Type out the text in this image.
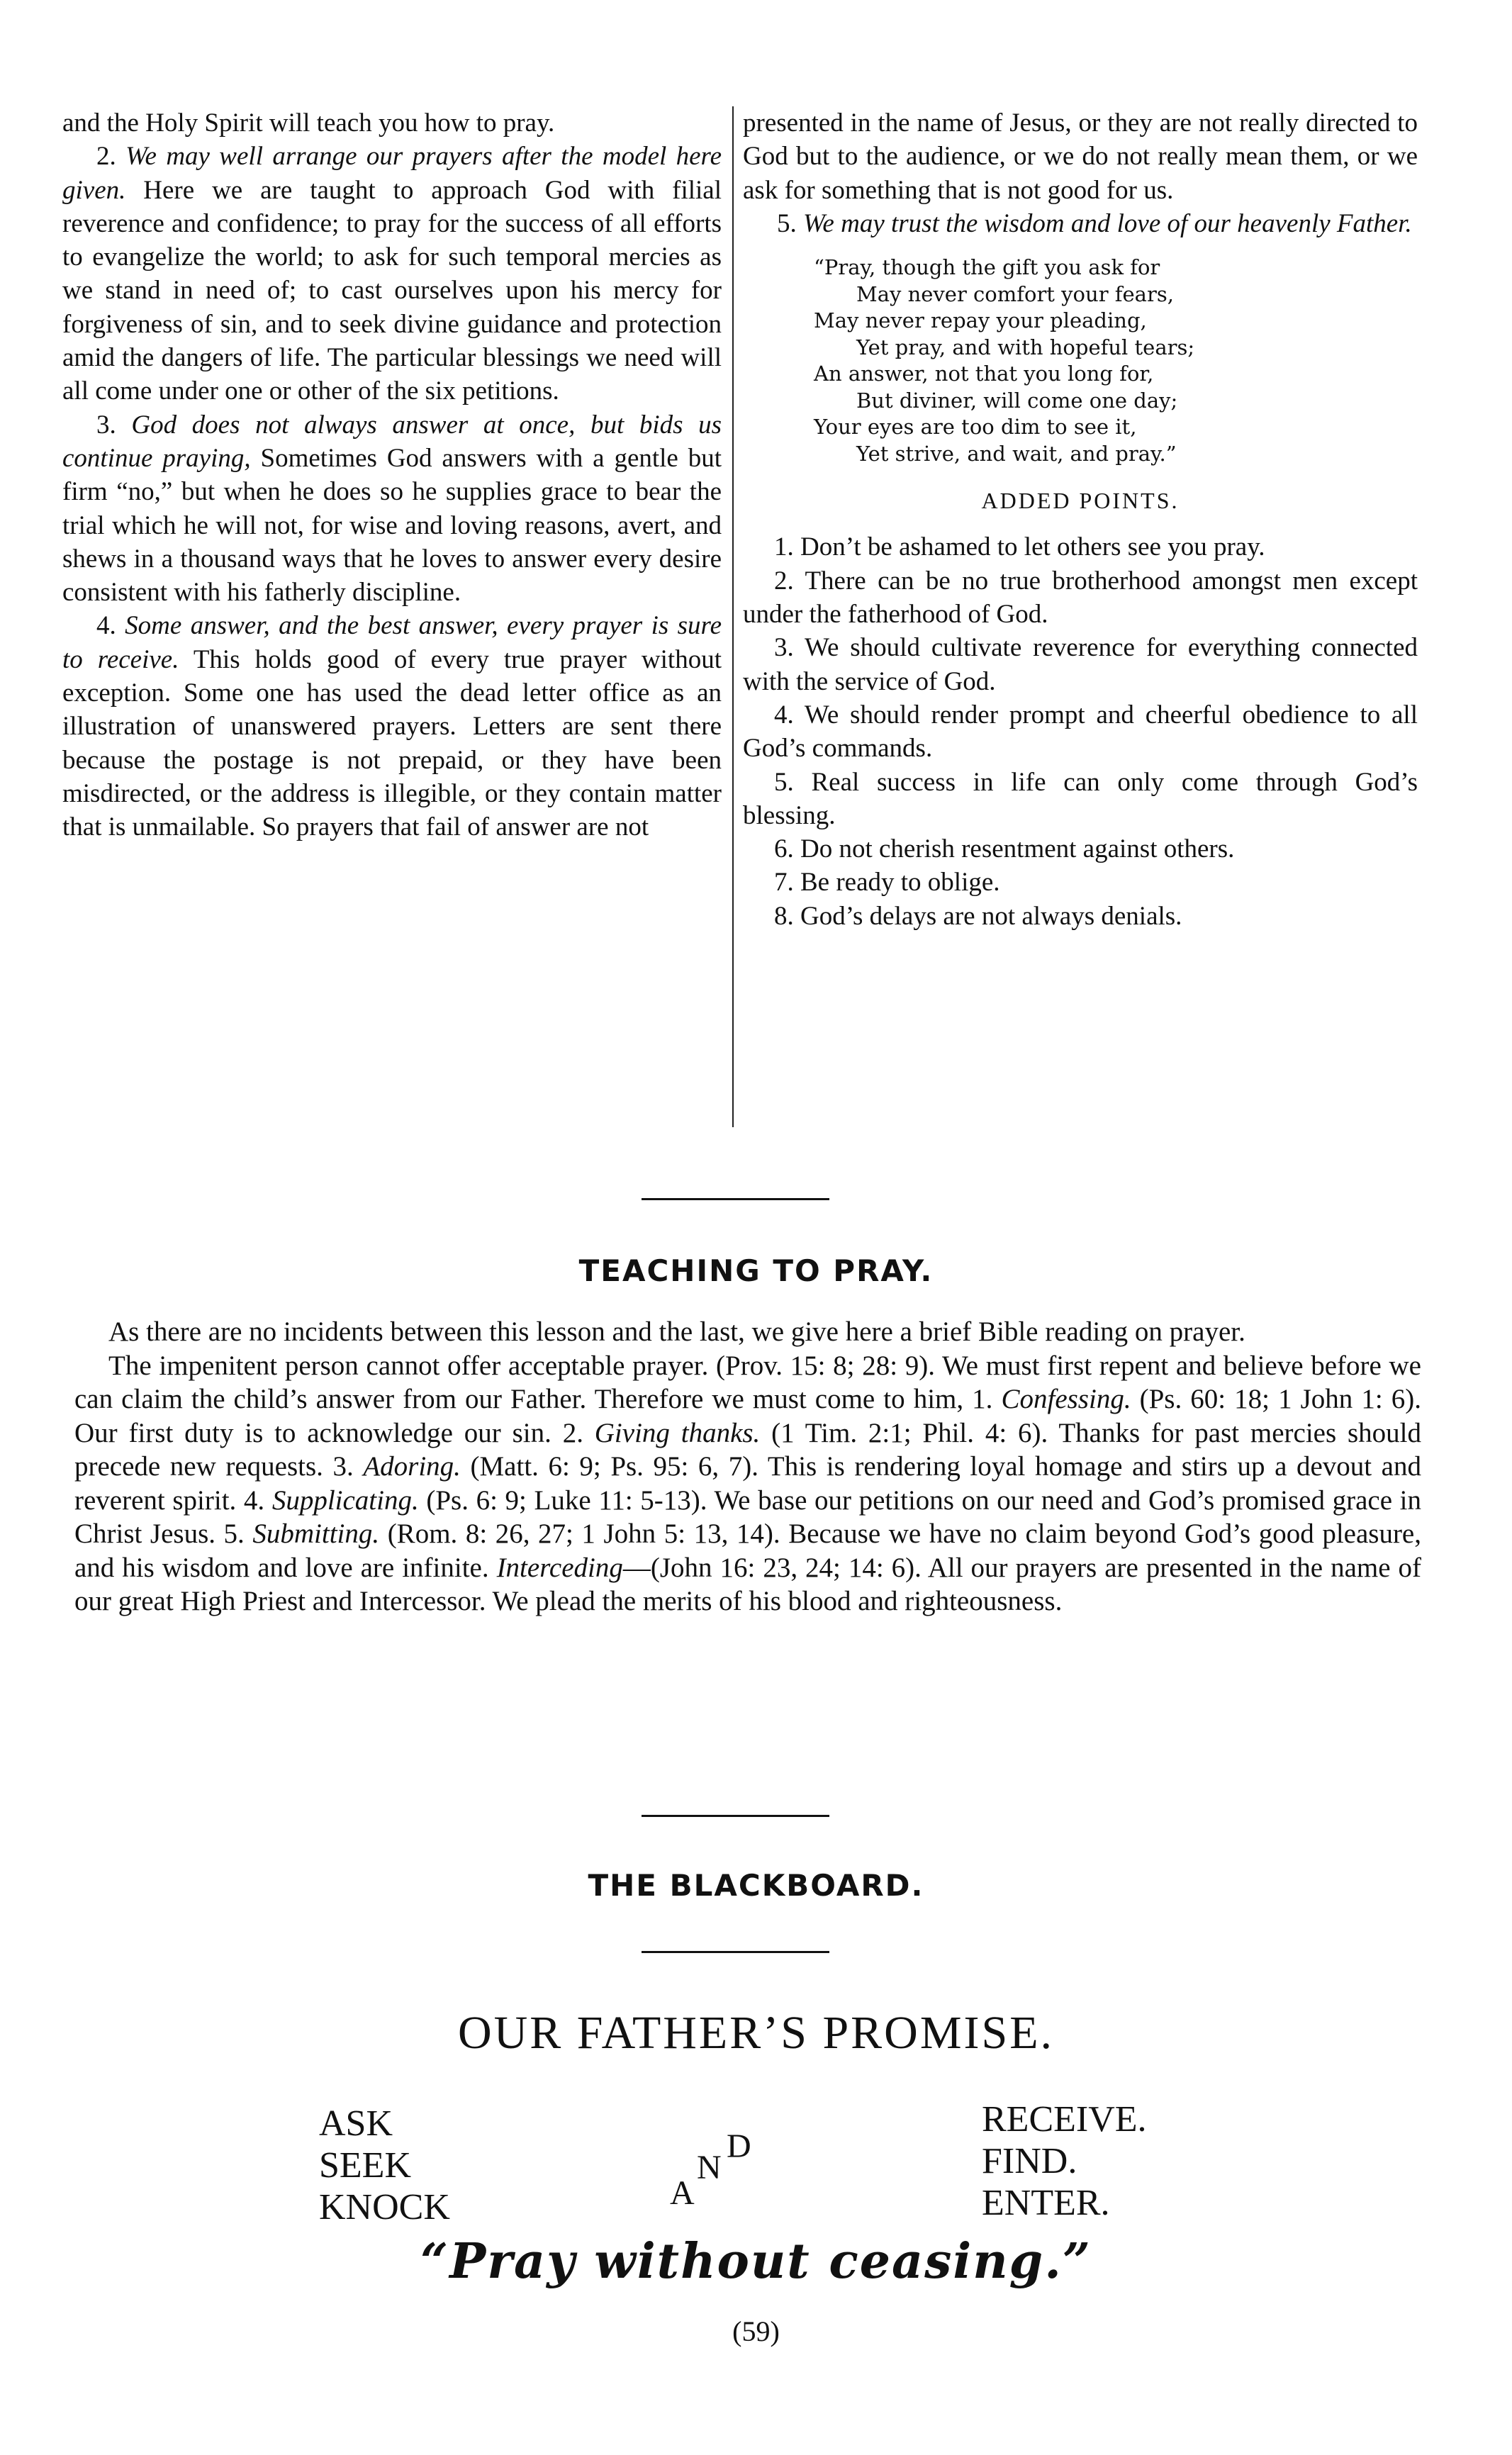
and the Holy Spirit will teach you how to pray.

2. We may well arrange our prayers after the model here given. Here we are taught to approach God with filial reverence and confidence; to pray for the success of all efforts to evangelize the world; to ask for such temporal mercies as we stand in need of; to cast ourselves upon his mercy for forgiveness of sin, and to seek divine guidance and protection amid the dangers of life. The particular blessings we need will all come under one or other of the six petitions.

3. God does not always answer at once, but bids us continue praying, Sometimes God answers with a gentle but firm “no,” but when he does so he supplies grace to bear the trial which he will not, for wise and loving reasons, avert, and shews in a thousand ways that he loves to answer every desire consistent with his fatherly discipline.

4. Some answer, and the best answer, every prayer is sure to receive. This holds good of every true prayer without exception. Some one has used the dead letter office as an illustration of unanswered prayers. Letters are sent there because the postage is not prepaid, or they have been misdirected, or the address is illegible, or they contain matter that is unmailable. So prayers that fail of answer are not

presented in the name of Jesus, or they are not really directed to God but to the audience, or we do not really mean them, or we ask for something that is not good for us.

5. We may trust the wisdom and love of our heavenly Father.

“Pray, though the gift you ask for
May never comfort your fears,
May never repay your pleading,
Yet pray, and with hopeful tears;
An answer, not that you long for,
But diviner, will come one day;
Your eyes are too dim to see it,
Yet strive, and wait, and pray.”
ADDED POINTS.

1. Don’t be ashamed to let others see you pray.

2. There can be no true brotherhood amongst men except under the fatherhood of God.

3. We should cultivate reverence for everything connected with the service of God.

4. We should render prompt and cheerful obedience to all God’s commands.

5. Real success in life can only come through God’s blessing.

6. Do not cherish resentment against others.

7. Be ready to oblige.

8. God’s delays are not always denials.

TEACHING TO PRAY.

As there are no incidents between this lesson and the last, we give here a brief Bible reading on prayer.

The impenitent person cannot offer acceptable prayer. (Prov. 15: 8; 28: 9). We must first repent and believe before we can claim the child’s answer from our Father. Therefore we must come to him, 1. Confessing. (Ps. 60: 18; 1 John 1: 6). Our first duty is to acknowledge our sin. 2. Giving thanks. (1 Tim. 2:1; Phil. 4: 6). Thanks for past mercies should precede new requests. 3. Adoring. (Matt. 6: 9; Ps. 95: 6, 7). This is rendering loyal homage and stirs up a devout and reverent spirit. 4. Supplicating. (Ps. 6: 9; Luke 11: 5-13). We base our petitions on our need and God’s promised grace in Christ Jesus. 5. Submitting. (Rom. 8: 26, 27; 1 John 5: 13, 14). Because we have no claim beyond God’s good pleasure, and his wisdom and love are infinite. Interceding—(John 16: 23, 24; 14: 6). All our prayers are presented in the name of our great High Priest and Intercessor. We plead the merits of his blood and righteousness.

THE BLACKBOARD.
OUR FATHER’S PROMISE.
ASK
SEEK
KNOCK	A
N
D
RECEIVE.
FIND.
ENTER.
“Pray without ceasing.”
(59)
